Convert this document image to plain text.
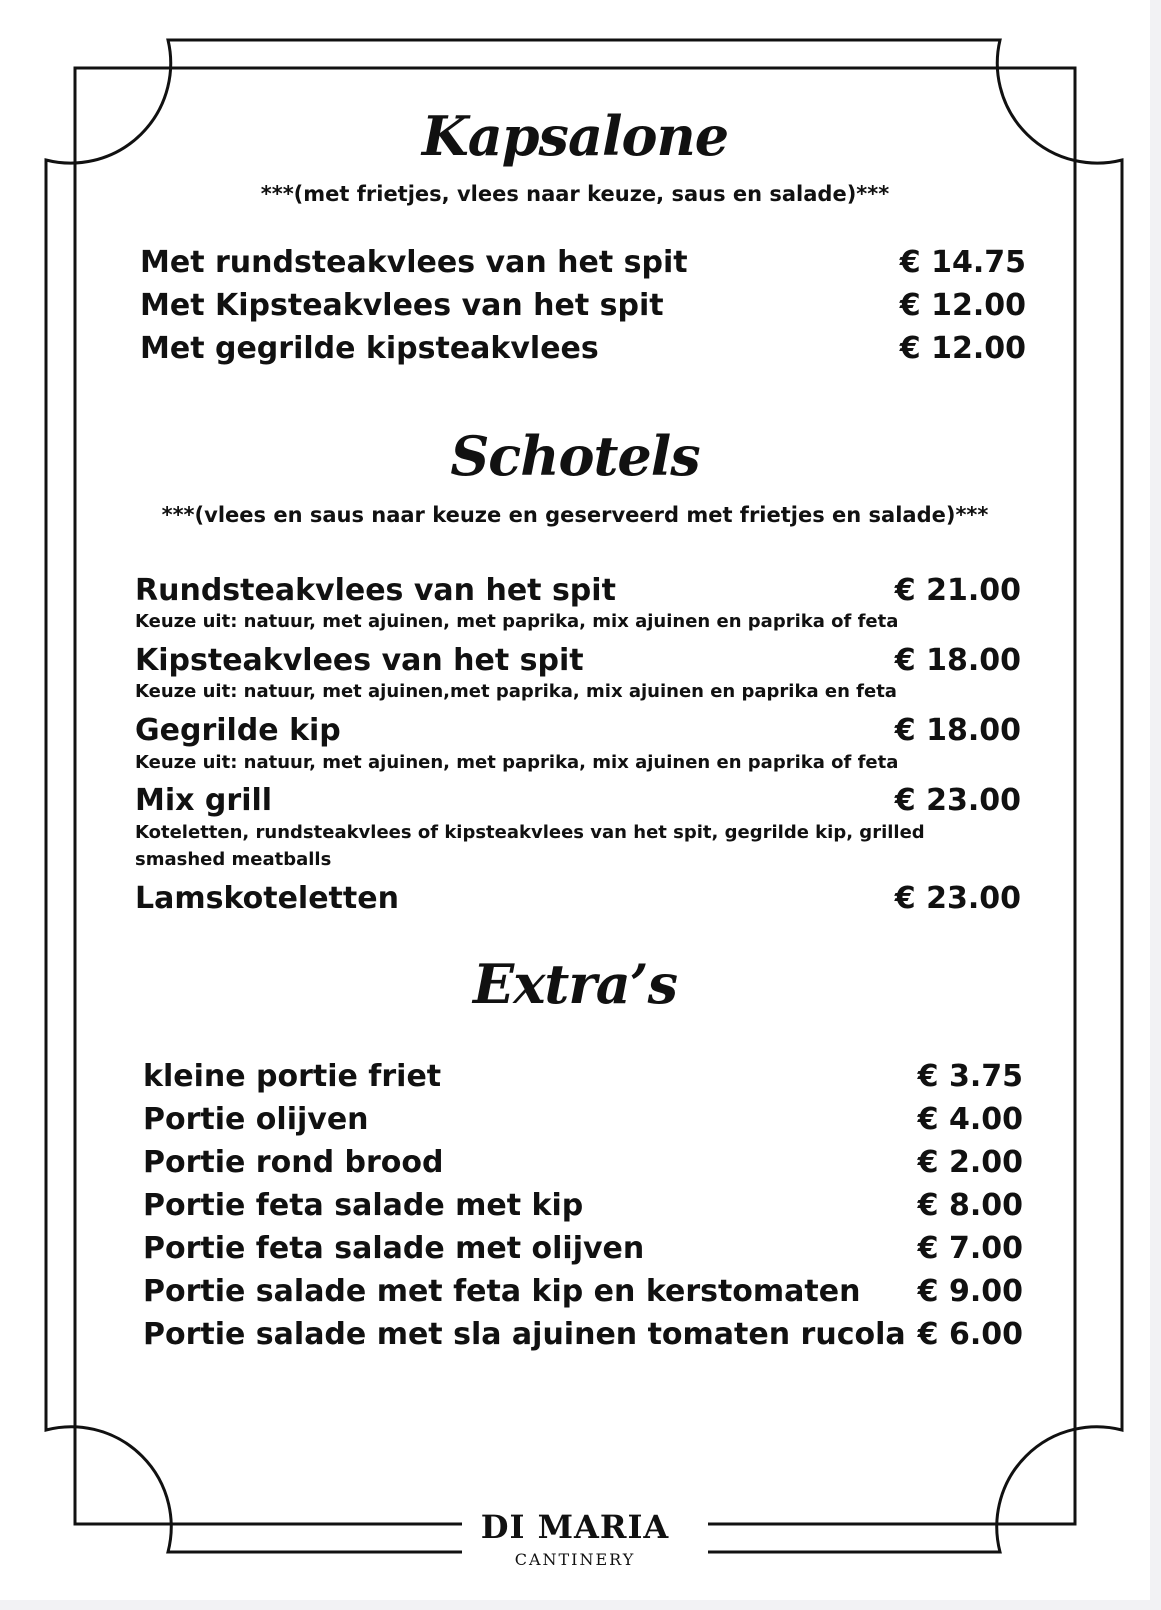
Kapsalone
***(met frietjes, vlees naar keuze, saus en salade)***
Met rundsteakvlees van het spit	€ 14.75
Met Kipsteakvlees van het spit	€ 12.00
Met gegrilde kipsteakvlees	€ 12.00
Schotels
***(vlees en saus naar keuze en geserveerd met frietjes en salade)***
Rundsteakvlees van het spit	€ 21.00
Keuze uit: natuur, met ajuinen, met paprika, mix ajuinen en paprika of feta
Kipsteakvlees van het spit	€ 18.00
Keuze uit: natuur, met ajuinen,met paprika, mix ajuinen en paprika en feta
Gegrilde kip	€ 18.00
Keuze uit: natuur, met ajuinen, met paprika, mix ajuinen en paprika of feta
Mix grill	€ 23.00
Koteletten, rundsteakvlees of kipsteakvlees van het spit, gegrilde kip, grilled
smashed meatballs
Lamskoteletten	€ 23.00
Extra’s
kleine portie friet	€ 3.75
Portie olijven	€ 4.00
Portie rond brood	€ 2.00
Portie feta salade met kip	€ 8.00
Portie feta salade met olijven	€ 7.00
Portie salade met feta kip en kerstomaten € 9.00
Portie salade met sla ajuinen tomaten rucola € 6.00
DI MARIA
CANTINERY
